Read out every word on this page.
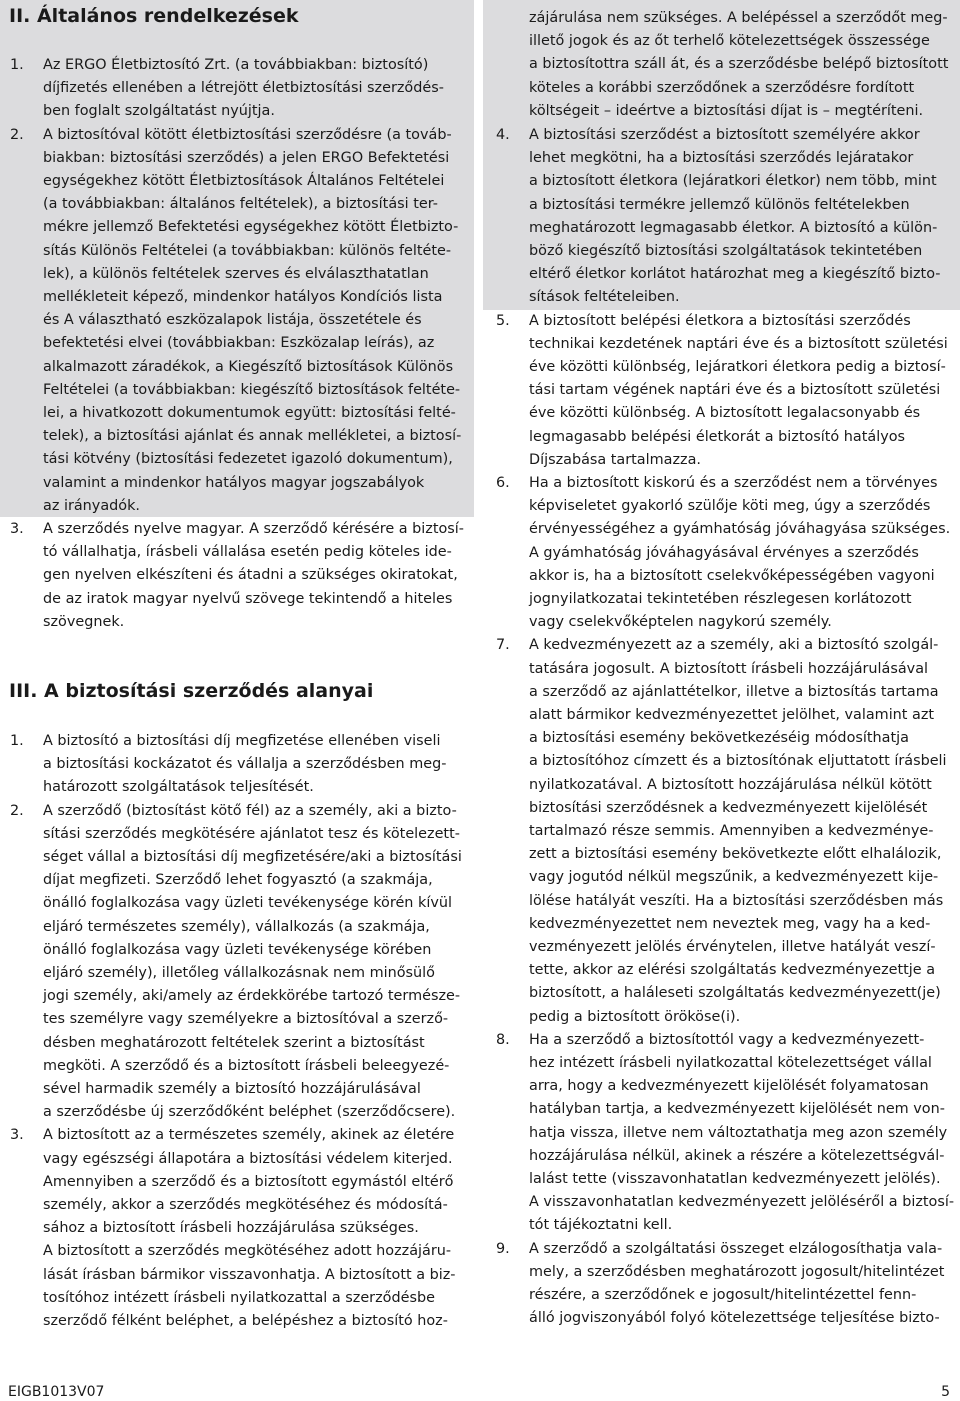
II. Általános rendelkezések
1. Az ERGO Életbiztosító Zrt. (a továbbiakban: biztosító)
díjfizetés ellenében a létrejött életbiztosítási szerződés-
ben foglalt szolgáltatást nyújtja.
2. A biztosítóval kötött életbiztosítási szerződésre (a továb-
biakban: biztosítási szerződés) a jelen ERGO Befektetési
egységekhez kötött Életbiztosítások Általános Feltételei
(a továbbiakban: általános feltételek), a biztosítási ter-
mékre jellemző Befektetési egységekhez kötött Életbizto-
sítás Különös Feltételei (a továbbiakban: különös feltéte-
lek), a különös feltételek szerves és elválaszthatatlan
mellékleteit képező, mindenkor hatályos Kondíciós lista
és A választható eszközalapok listája, összetétele és
befektetési elvei (továbbiakban: Eszközalap leírás), az
alkalmazott záradékok, a Kiegészítő biztosítások Különös
Feltételei (a továbbiakban: kiegészítő biztosítások feltéte-
lei, a hivatkozott dokumentumok együtt: biztosítási felté-
telek), a biztosítási ajánlat és annak mellékletei, a biztosí-
tási kötvény (biztosítási fedezetet igazoló dokumentum),
valamint a mindenkor hatályos magyar jogszabályok
az irányadók.
3. A szerződés nyelve magyar. A szerződő kérésére a biztosí-
tó vállalhatja, írásbeli vállalása esetén pedig köteles ide-
gen nyelven elkészíteni és átadni a szükséges okiratokat,
de az iratok magyar nyelvű szövege tekintendő a hiteles
szövegnek.
III. A biztosítási szerződés alanyai
1. A biztosító a biztosítási díj megfizetése ellenében viseli
a biztosítási kockázatot és vállalja a szerződésben meg-
határozott szolgáltatások teljesítését.
2. A szerződő (biztosítást kötő fél) az a személy, aki a bizto-
sítási szerződés megkötésére ajánlatot tesz és kötelezett-
séget vállal a biztosítási díj megfizetésére/aki a biztosítási
díjat megfizeti. Szerződő lehet fogyasztó (a szakmája,
önálló foglalkozása vagy üzleti tevékenysége körén kívül
eljáró természetes személy), vállalkozás (a szakmája,
önálló foglalkozása vagy üzleti tevékenysége körében
eljáró személy), illetőleg vállalkozásnak nem minősülő
jogi személy, aki/amely az érdekkörébe tartozó természe-
tes személyre vagy személyekre a biztosítóval a szerző-
désben meghatározott feltételek szerint a biztosítást
megköti. A szerződő és a biztosított írásbeli beleegyezé-
sével harmadik személy a biztosító hozzájárulásával
a szerződésbe új szerződőként beléphet (szerződőcsere).
3. A biztosított az a természetes személy, akinek az életére
vagy egészségi állapotára a biztosítási védelem kiterjed.
Amennyiben a szerződő és a biztosított egymástól eltérő
személy, akkor a szerződés megkötéséhez és módosítá-
sához a biztosított írásbeli hozzájárulása szükséges.
A biztosított a szerződés megkötéséhez adott hozzájáru-
lását írásban bármikor visszavonhatja. A biztosított a biz-
tosítóhoz intézett írásbeli nyilatkozattal a szerződésbe
szerződő félként beléphet, a belépéshez a biztosító hoz-
zájárulása nem szükséges. A belépéssel a szerződőt meg-
illető jogok és az őt terhelő kötelezettségek összessége
a biztosítottra száll át, és a szerződésbe belépő biztosított
köteles a korábbi szerződőnek a szerződésre fordított
költségeit – ideértve a biztosítási díjat is – megtéríteni.
4. A biztosítási szerződést a biztosított személyére akkor
lehet megkötni, ha a biztosítási szerződés lejáratakor
a biztosított életkora (lejáratkori életkor) nem több, mint
a biztosítási termékre jellemző különös feltételekben
meghatározott legmagasabb életkor. A biztosító a külön-
böző kiegészítő biztosítási szolgáltatások tekintetében
eltérő életkor korlátot határozhat meg a kiegészítő bizto-
sítások feltételeiben.
5. A biztosított belépési életkora a biztosítási szerződés
technikai kezdetének naptári éve és a biztosított születési
éve közötti különbség, lejáratkori életkora pedig a biztosí-
tási tartam végének naptári éve és a biztosított születési
éve közötti különbség. A biztosított legalacsonyabb és
legmagasabb belépési életkorát a biztosító hatályos
Díjszabása tartalmazza.
6. Ha a biztosított kiskorú és a szerződést nem a törvényes
képviseletet gyakorló szülője köti meg, úgy a szerződés
érvényességéhez a gyámhatóság jóváhagyása szükséges.
A gyámhatóság jóváhagyásával érvényes a szerződés
akkor is, ha a biztosított cselekvőképességében vagyoni
jognyilatkozatai tekintetében részlegesen korlátozott
vagy cselekvőképtelen nagykorú személy.
7. A kedvezményezett az a személy, aki a biztosító szolgál-
tatására jogosult. A biztosított írásbeli hozzájárulásával
a szerződő az ajánlattételkor, illetve a biztosítás tartama
alatt bármikor kedvezményezettet jelölhet, valamint azt
a biztosítási esemény bekövetkezéséig módosíthatja
a biztosítóhoz címzett és a biztosítónak eljuttatott írásbeli
nyilatkozatával. A biztosított hozzájárulása nélkül kötött
biztosítási szerződésnek a kedvezményezett kijelölését
tartalmazó része semmis. Amennyiben a kedvezménye-
zett a biztosítási esemény bekövetkezte előtt elhalálozik,
vagy jogutód nélkül megszűnik, a kedvezményezett kije-
lölése hatályát veszíti. Ha a biztosítási szerződésben más
kedvezményezettet nem neveztek meg, vagy ha a ked-
vezményezett jelölés érvénytelen, illetve hatályát veszí-
tette, akkor az elérési szolgáltatás kedvezményezettje a
biztosított, a haláleseti szolgáltatás kedvezményezett(je)
pedig a biztosított örököse(i).
8. Ha a szerződő a biztosítottól vagy a kedvezményezett-
hez intézett írásbeli nyilatkozattal kötelezettséget vállal
arra, hogy a kedvezményezett kijelölését folyamatosan
hatályban tartja, a kedvezményezett kijelölését nem von-
hatja vissza, illetve nem változtathatja meg azon személy
hozzájárulása nélkül, akinek a részére a kötelezettségvál-
lalást tette (visszavonhatatlan kedvezményezett jelölés).
A visszavonhatatlan kedvezményezett jelöléséről a biztosí-
tót tájékoztatni kell.
9. A szerződő a szolgáltatási összeget elzálogosíthatja vala-
mely, a szerződésben meghatározott jogosult/hitelintézet
részére, a szerződőnek e jogosult/hitelintézettel fenn-
álló jogviszonyából folyó kötelezettsége teljesítése bizto-
EIGB1013V07	5
